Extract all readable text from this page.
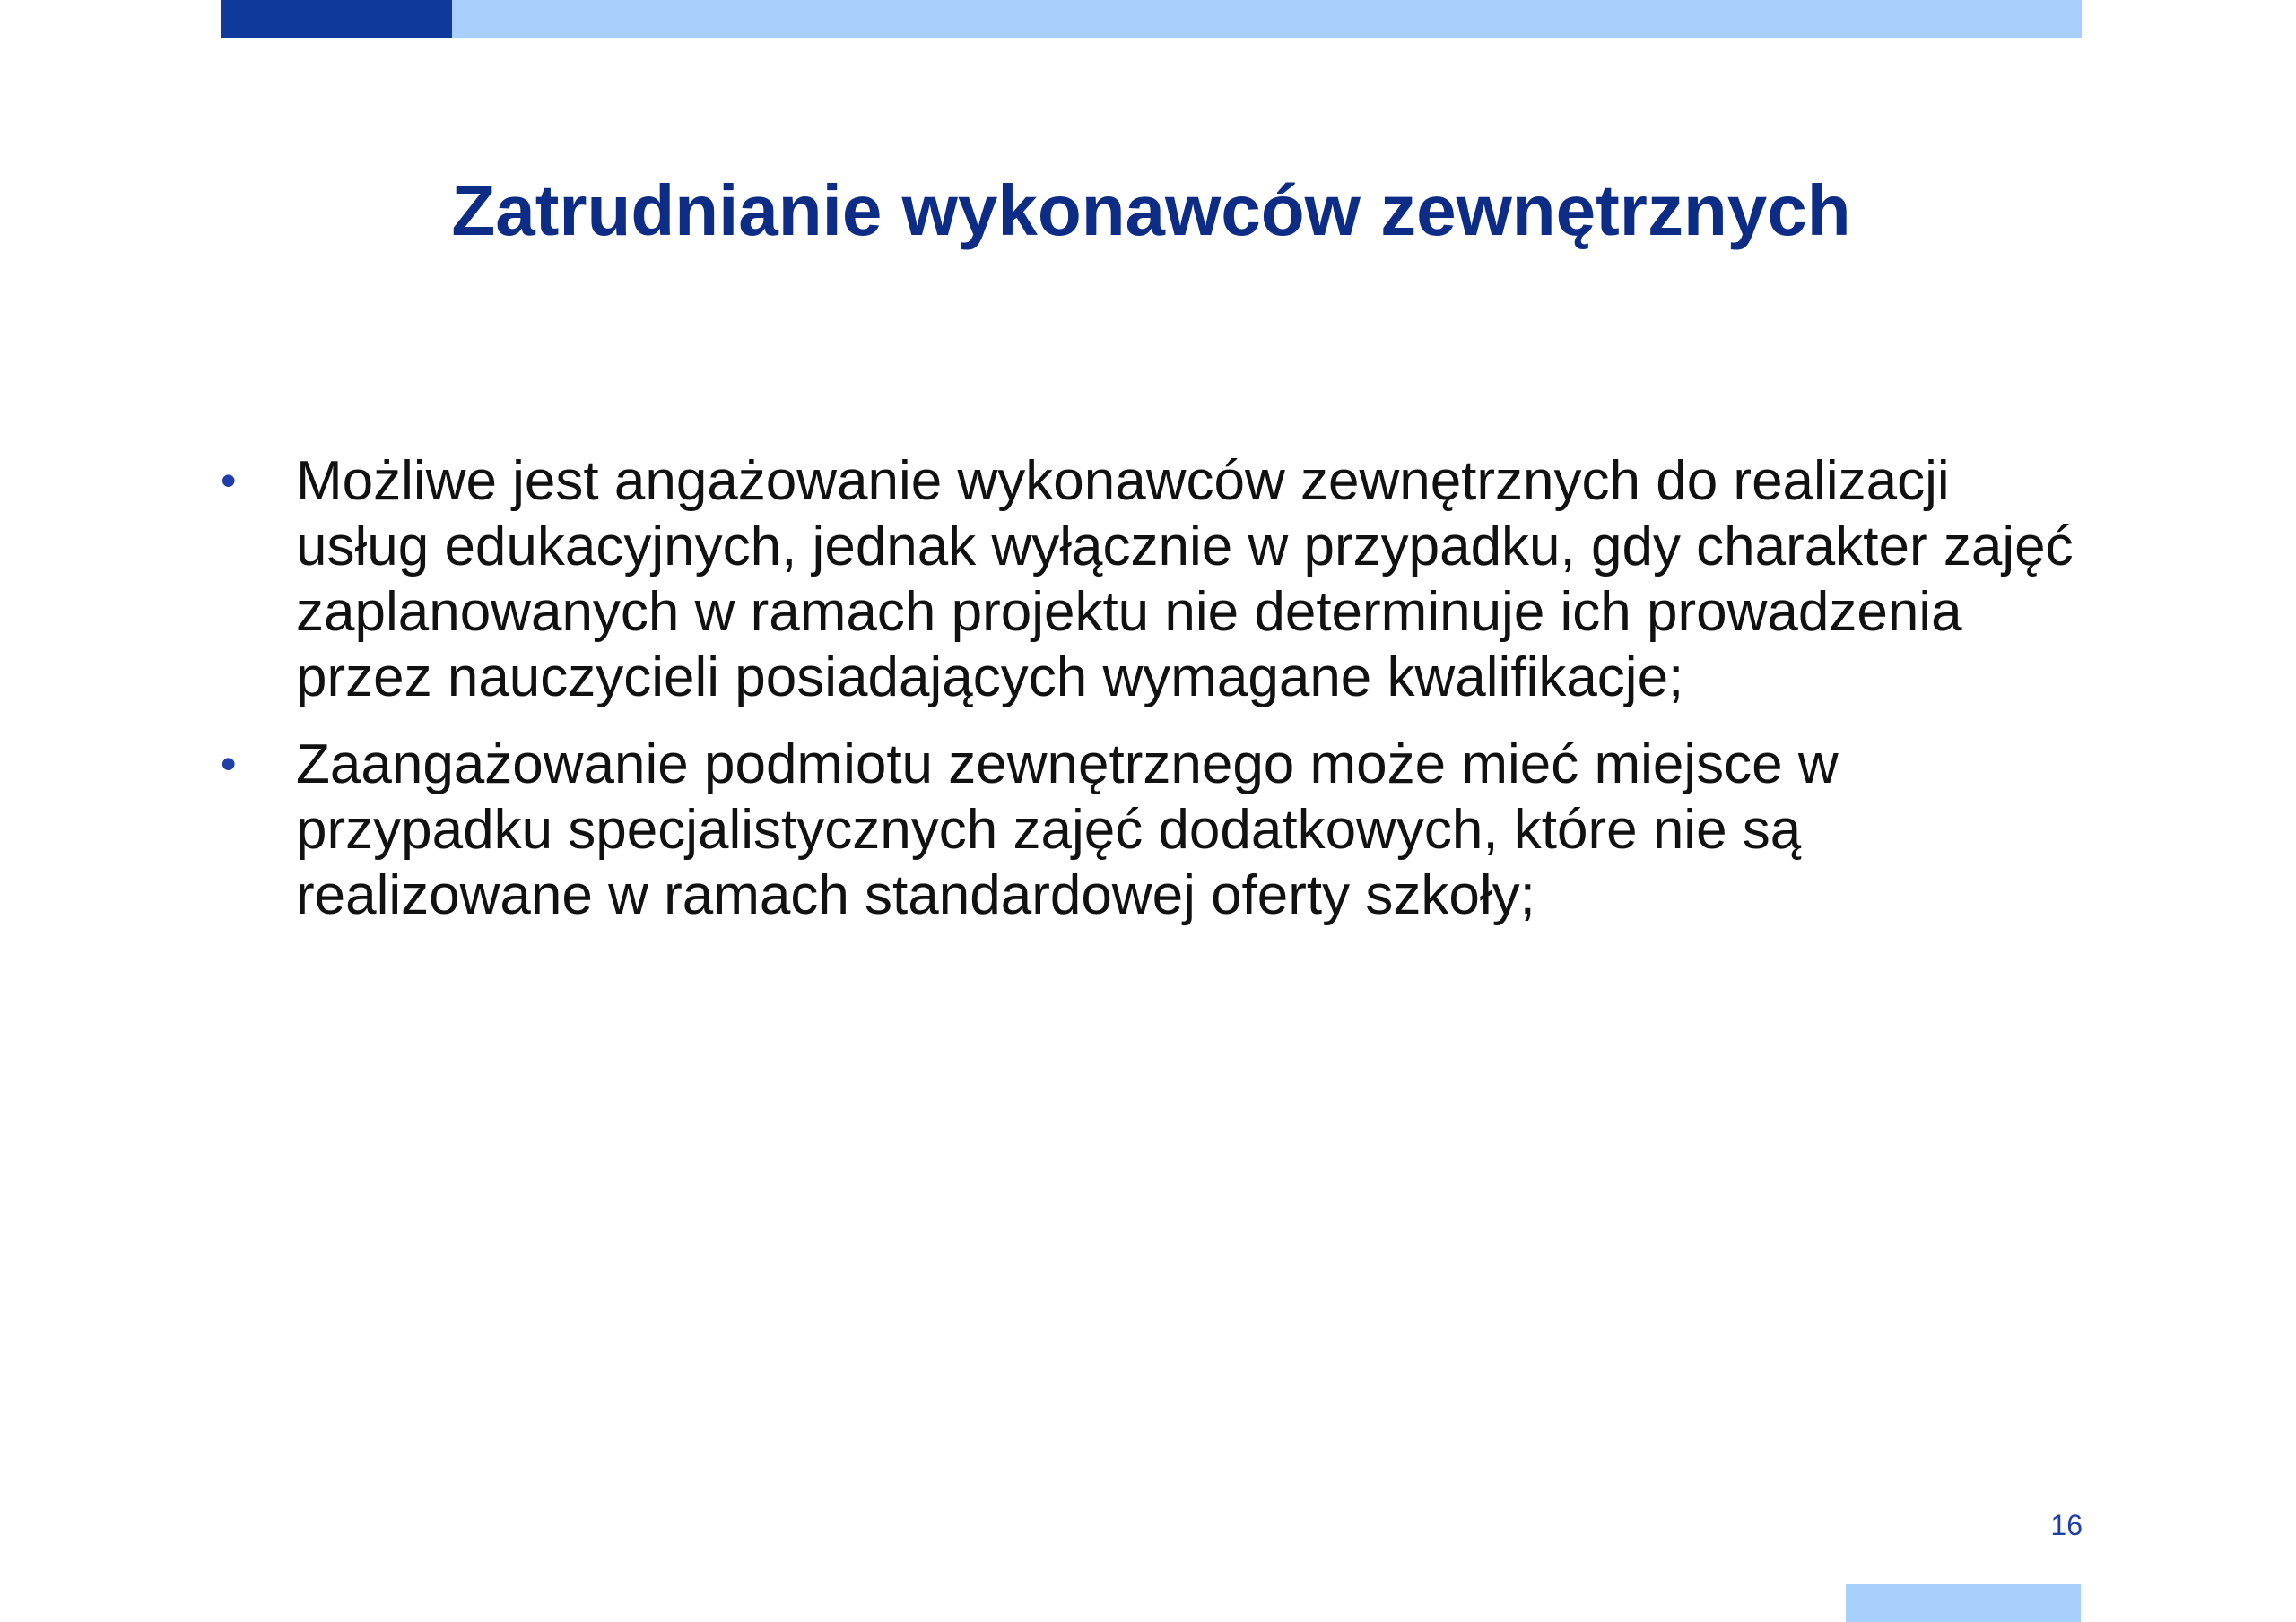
Zatrudnianie wykonawców zewnętrznych
• Możliwe jest angażowanie wykonawców zewnętrznych do realizacji usług edukacyjnych, jednak wyłącznie w przypadku, gdy charakter zajęć zaplanowanych w ramach projektu nie determinuje ich prowadzenia przez nauczycieli posiadających wymagane kwalifikacje;
• Zaangażowanie podmiotu zewnętrznego może mieć miejsce w przypadku specjalistycznych zajęć dodatkowych, które nie są realizowane w ramach standardowej oferty szkoły;
16
